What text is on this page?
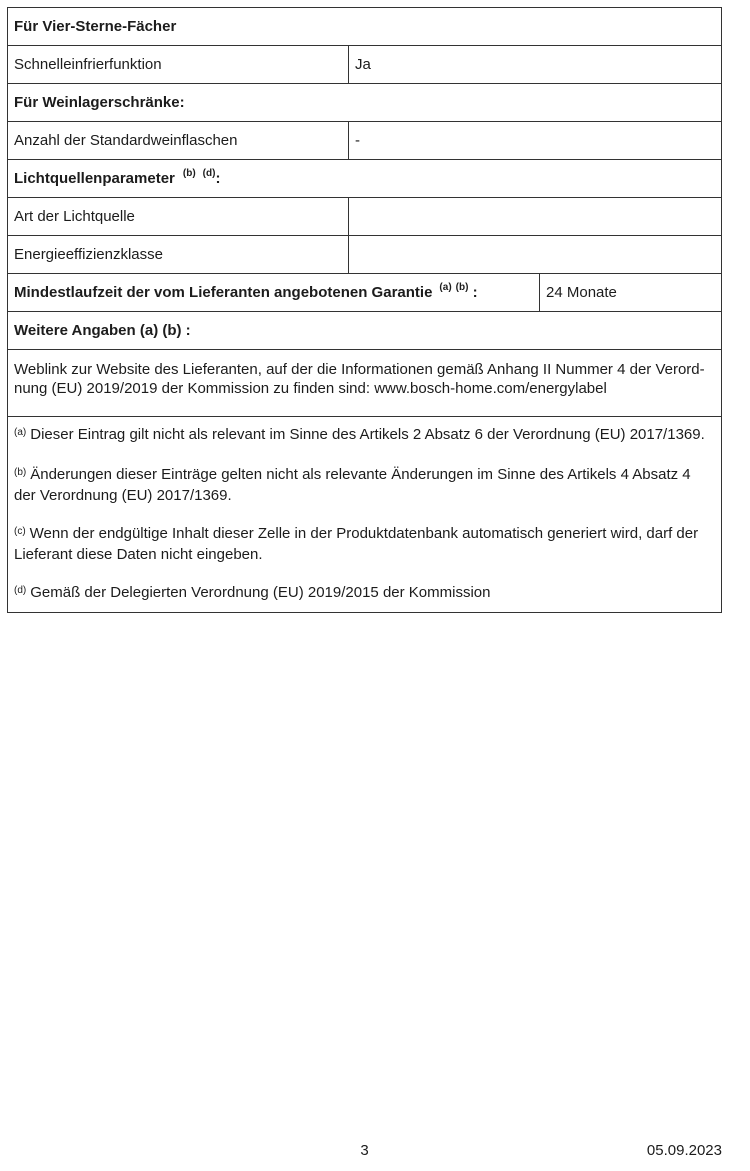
Für Vier-Sterne-Fächer
Schnelleinfrierfunktion	Ja
Für Weinlagerschränke:
Anzahl der Standardweinflaschen	-
Lichtquellenparameter (b) (d) :
Art der Lichtquelle
Energieeffizienzklasse
Mindestlaufzeit der vom Lieferanten angebotenen Garantie (a) (b) :	24 Monate
Weitere Angaben (a) (b) :
Weblink zur Website des Lieferanten, auf der die Informationen gemäß Anhang II Nummer 4 der Verordnung (EU) 2019/2019 der Kommission zu finden sind: www.bosch-home.com/energylabel

$^{(a)}$ Dieser Eintrag gilt nicht als relevant im Sinne des Artikels 2 Absatz 6 der Verordnung (EU) 2017/1369.

$^{(b)}$ Änderungen dieser Einträge gelten nicht als relevante Änderungen im Sinne des Artikels 4 Absatz 4 der Verordnung (EU) 2017/1369.

$^{(c)}$ Wenn der endgültige Inhalt dieser Zelle in der Produktdatenbank automatisch generiert wird, darf der Lieferant diese Daten nicht eingeben.

$^{(d)}$ Gemäß der Delegierten Verordnung (EU) 2019/2015 der Kommission

3	05.09.2023
